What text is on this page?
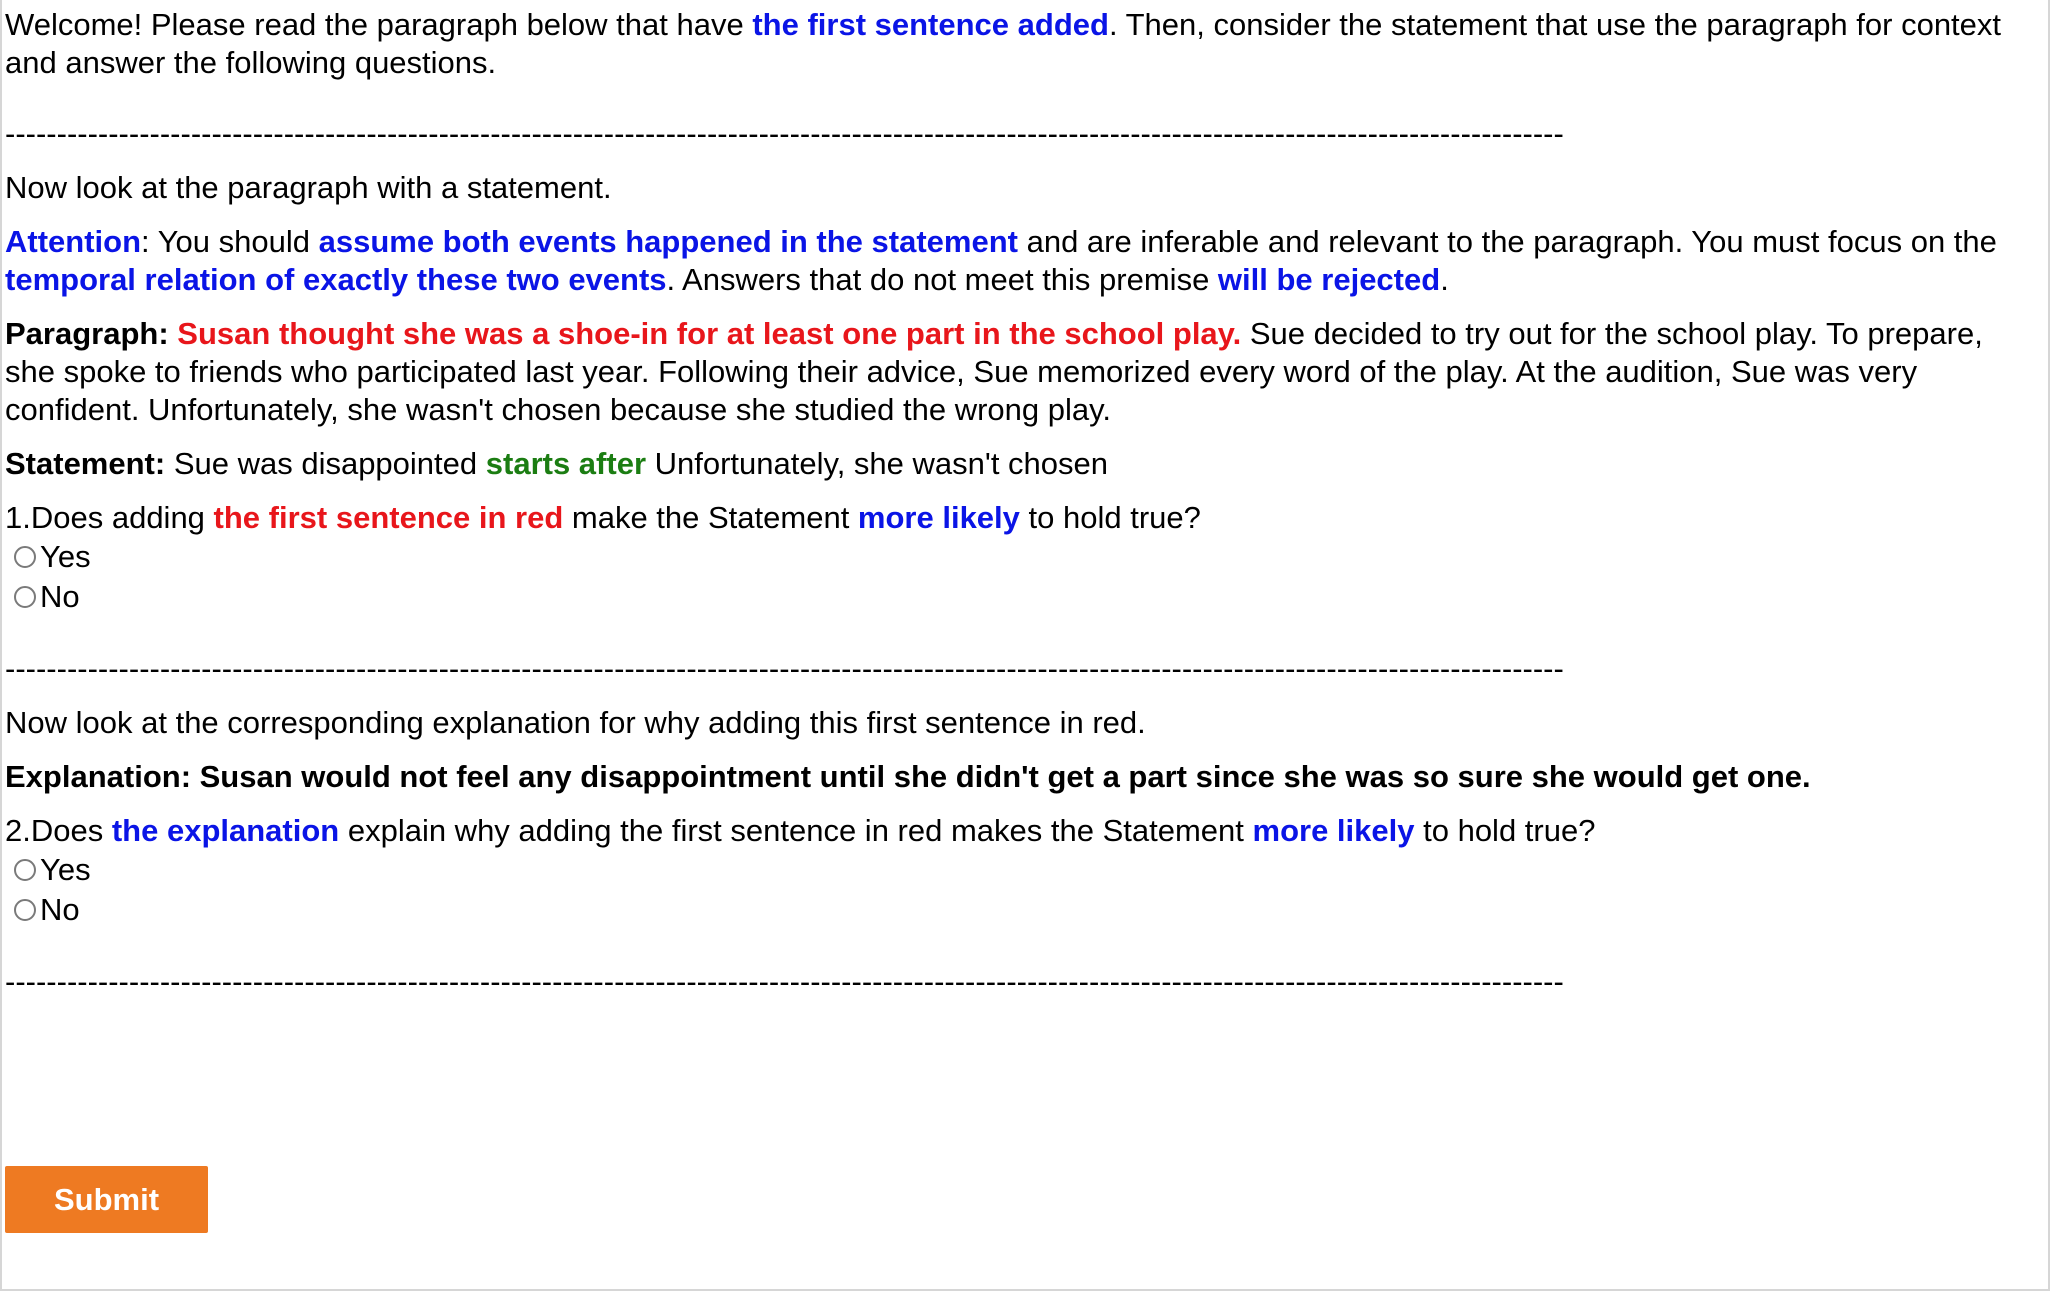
Welcome! Please read the paragraph below that have the first sentence added. Then, consider the statement that use the paragraph for context and answer the following questions.

-------------------------------------------------------------------------------------------------------------------------------------------------------

Now look at the paragraph with a statement.

Attention: You should assume both events happened in the statement and are inferable and relevant to the paragraph. You must focus on the temporal relation of exactly these two events. Answers that do not meet this premise will be rejected.

Paragraph: Susan thought she was a shoe-in for at least one part in the school play. Sue decided to try out for the school play. To prepare, she spoke to friends who participated last year. Following their advice, Sue memorized every word of the play. At the audition, Sue was very confident. Unfortunately, she wasn't chosen because she studied the wrong play.

Statement: Sue was disappointed starts after Unfortunately, she wasn't chosen

1.Does adding the first sentence in red make the Statement more likely to hold true?

Yes
No

-------------------------------------------------------------------------------------------------------------------------------------------------------

Now look at the corresponding explanation for why adding this first sentence in red.

Explanation: Susan would not feel any disappointment until she didn't get a part since she was so sure she would get one.

2.Does the explanation explain why adding the first sentence in red makes the Statement more likely to hold true?

Yes
No

-------------------------------------------------------------------------------------------------------------------------------------------------------

Submit
